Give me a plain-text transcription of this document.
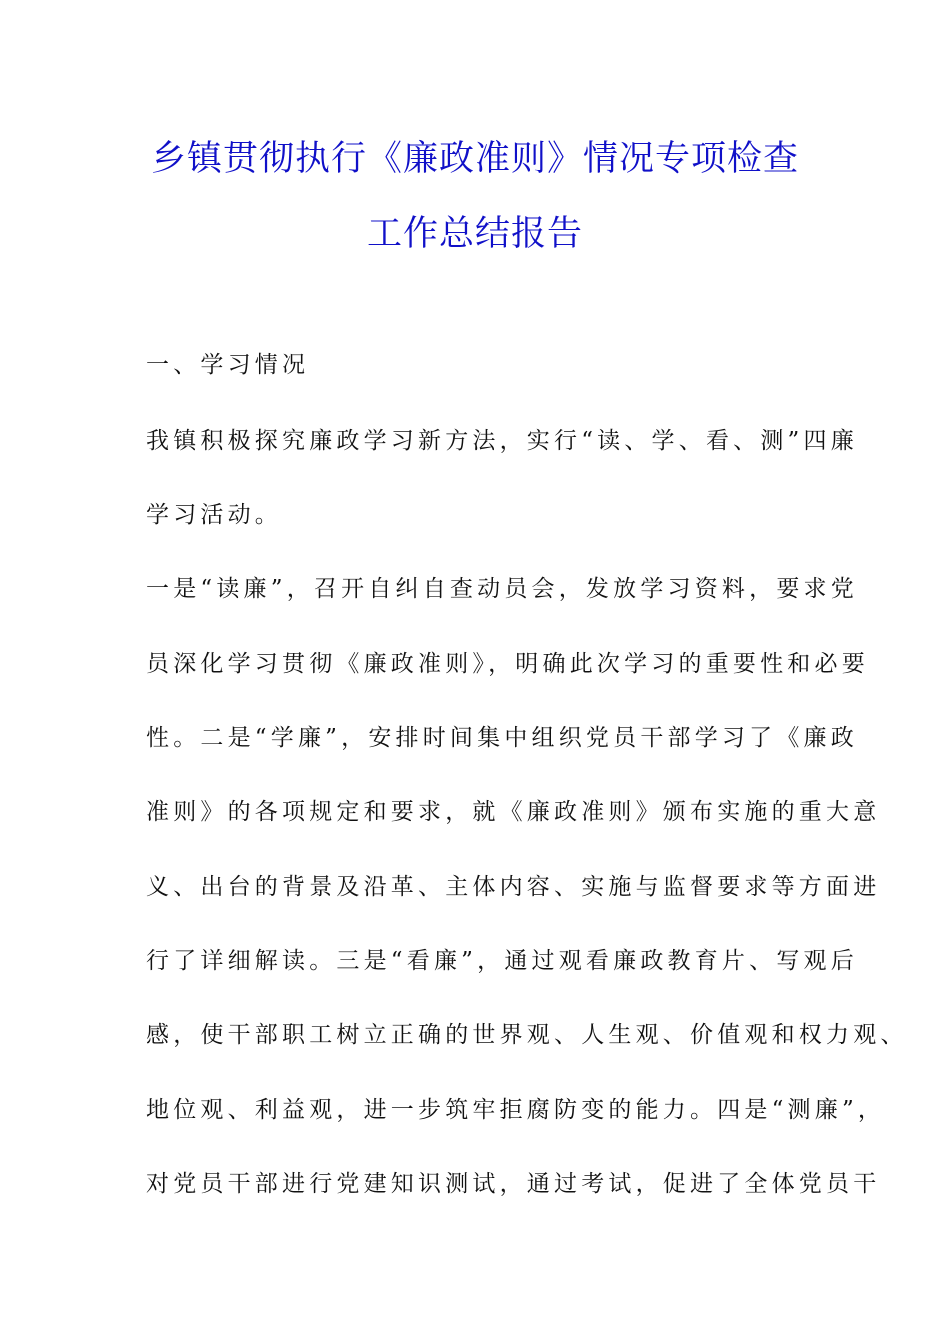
乡镇贯彻执行《廉政准则》情况专项检查
工作总结报告
一、学习情况
我镇积极探究廉政学习新方法，实行“读、学、看、测”四廉
学习活动。
一是“读廉”，召开自纠自查动员会，发放学习资料，要求党
员深化学习贯彻《廉政准则》，明确此次学习的重要性和必要
性。二是“学廉”，安排时间集中组织党员干部学习了《廉政
准则》的各项规定和要求，就《廉政准则》颁布实施的重大意
义、出台的背景及沿革、主体内容、实施与监督要求等方面进
行了详细解读。三是“看廉”，通过观看廉政教育片、写观后
感，使干部职工树立正确的世界观、人生观、价值观和权力观、
地位观、利益观，进一步筑牢拒腐防变的能力。四是“测廉”，
对党员干部进行党建知识测试，通过考试，促进了全体党员干
